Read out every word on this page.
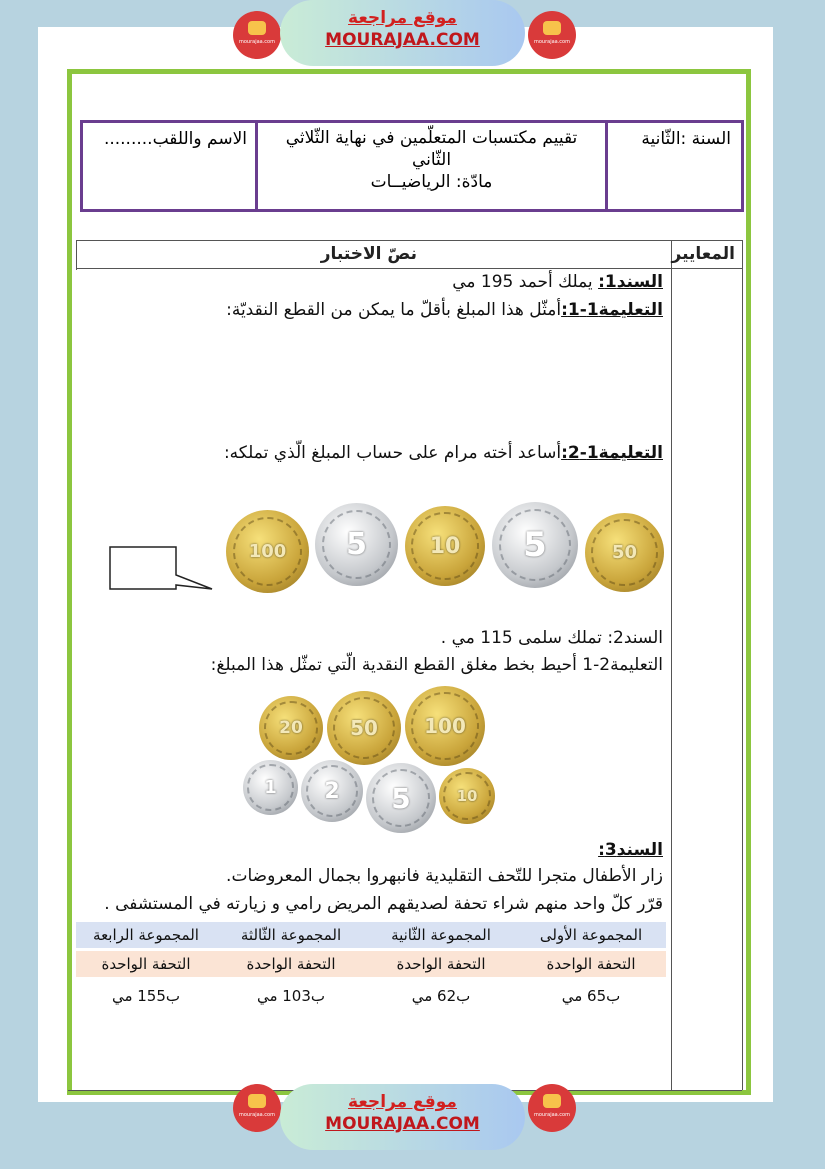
mourajaa.com
موقع مراجعة
MOURAJAA.COM	mourajaa.com
السنة :الثّانية
تقييم مكتسبات المتعلّمين في نهاية الثّلاثي
الثّاني
مادّة: الرياضيــات
الاسم واللقب.........
المعايير
نصّ الاختبار
السند1: يملك أحمد 195 مي
التعليمة1-1:أمثّل هذا المبلغ بأقلّ ما يمكن من القطع النقديّة:
التعليمة1-2:أساعد أخته مرام على حساب المبلغ الّذي تملكه:
50
5
10
5
100
السند2: تملك سلمى 115 مي .
التعليمة2-1 أحيط بخط مغلق القطع النقدية الّتي تمثّل هذا المبلغ:
100
50
20
10
5
2
1
السند3:
زار الأطفال متجرا للتّحف التقليدية فانبهروا بجمال المعروضات.
قرّر كلّ واحد منهم شراء تحفة لصديقهم المريض رامي و زيارته في المستشفى .
المجموعة الأولى
المجموعة الثّانية
المجموعة الثّالثة
المجموعة الرابعة
التحفة الواحدة
التحفة الواحدة
التحفة الواحدة
التحفة الواحدة
ب65 مي
ب62 مي
ب103 مي
ب155 مي
mourajaa.com
موقع مراجعة
MOURAJAA.COM	mourajaa.com
